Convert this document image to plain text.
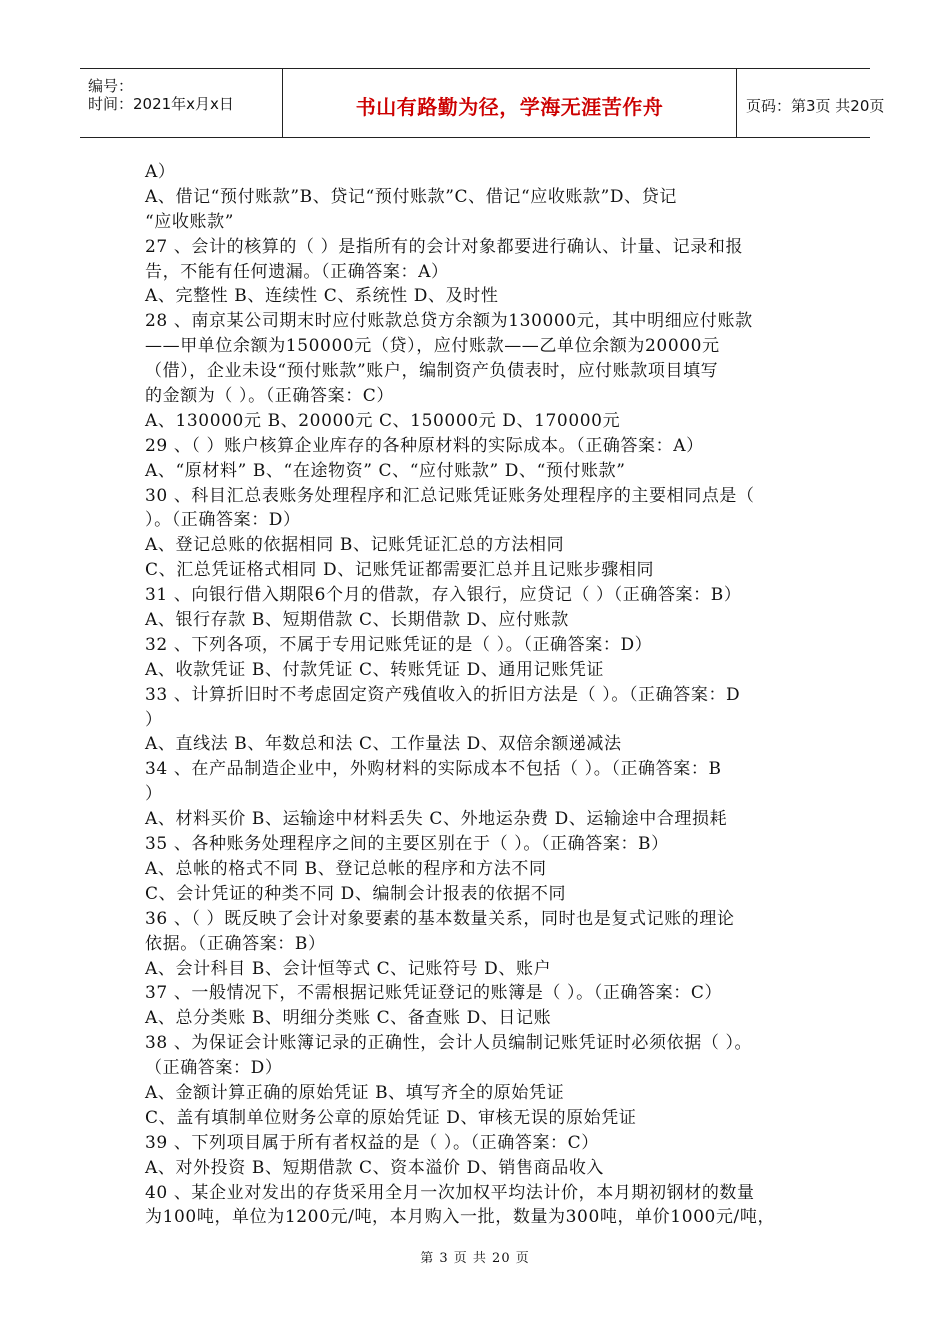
编号：
时间：2021年x月x日	书山有路勤为径，学海无涯苦作舟	页码：第3页 共20页
A）
A、借记“预付账款”B、贷记“预付账款”C、借记“应收账款”D、贷记
“应收账款”
27 、会计的核算的（ ）是指所有的会计对象都要进行确认、计量、记录和报
告，不能有任何遗漏。（正确答案：A）
A、完整性 B、连续性 C、系统性 D、及时性
28 、南京某公司期末时应付账款总贷方余额为130000元，其中明细应付账款
——甲单位余额为150000元（贷），应付账款——乙单位余额为20000元
（借），企业未设“预付账款”账户，编制资产负债表时，应付账款项目填写
的金额为（ ）。（正确答案：C）
A、130000元 B、20000元 C、150000元 D、170000元
29 、（ ）账户核算企业库存的各种原材料的实际成本。（正确答案：A）
A、“原材料” B、“在途物资” C、“应付账款” D、“预付账款”
30 、科目汇总表账务处理程序和汇总记账凭证账务处理程序的主要相同点是（
）。（正确答案：D）
A、登记总账的依据相同 B、记账凭证汇总的方法相同
C、汇总凭证格式相同 D、记账凭证都需要汇总并且记账步骤相同
31 、向银行借入期限6个月的借款，存入银行，应贷记（ ）（正确答案：B）
A、银行存款 B、短期借款 C、长期借款 D、应付账款
32 、下列各项，不属于专用记账凭证的是（ ）。（正确答案：D）
A、收款凭证 B、付款凭证 C、转账凭证 D、通用记账凭证
33 、计算折旧时不考虑固定资产残值收入的折旧方法是（ ）。（正确答案：D
）
A、直线法 B、年数总和法 C、工作量法 D、双倍余额递减法
34 、在产品制造企业中，外购材料的实际成本不包括（ ）。（正确答案：B
）
A、材料买价 B、运输途中材料丢失 C、外地运杂费 D、运输途中合理损耗
35 、各种账务处理程序之间的主要区别在于（ ）。（正确答案：B）
A、总帐的格式不同 B、登记总帐的程序和方法不同
C、会计凭证的种类不同 D、编制会计报表的依据不同
36 、（ ）既反映了会计对象要素的基本数量关系，同时也是复式记账的理论
依据。（正确答案：B）
A、会计科目 B、会计恒等式 C、记账符号 D、账户
37 、一般情况下，不需根据记账凭证登记的账簿是（ ）。（正确答案：C）
A、总分类账 B、明细分类账 C、备查账 D、日记账
38 、为保证会计账簿记录的正确性，会计人员编制记账凭证时必须依据（ ）。
（正确答案：D）
A、金额计算正确的原始凭证 B、填写齐全的原始凭证
C、盖有填制单位财务公章的原始凭证 D、审核无误的原始凭证
39 、下列项目属于所有者权益的是（ ）。（正确答案：C）
A、对外投资 B、短期借款 C、资本溢价 D、销售商品收入
40 、某企业对发出的存货采用全月一次加权平均法计价，本月期初钢材的数量
为100吨，单位为1200元/吨，本月购入一批，数量为300吨，单价1000元/吨，
第 3 页 共 20 页
